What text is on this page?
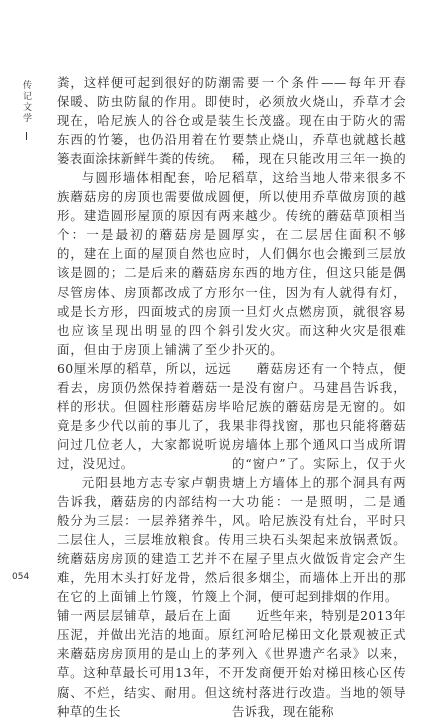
传记文学 粪，这样便可起到很好的防潮保暖、防虫防鼠的作用。即使现在，哈尼族人的谷仓或是装东西的竹篓，也仍沿用着在竹篓表面涂抹新鲜牛粪的传统。

与圆形墙体相配套，哈尼族蘑菇房的房顶也需要做成圆形。建造圆形屋顶的原因有两个：一是最初的蘑菇房是圆的，建在上面的屋顶自然也应该是圆的；二是后来的蘑菇房尽管房体、房顶都改成了方形或是长方形，四面坡式的房顶也应该呈现出明显的四个斜面，但由于房顶上铺满了至少60厘米厚的稻草，所以，远远看去，房顶仍然保持着蘑菇一样的形状。但圆柱形蘑菇房毕竟是多少代以前的事儿了，我问过几位老人，大家都说听说过，没见过。

元阳县地方志专家卢朝贵告诉我，蘑菇房的内部结构一般分为三层：一层养猪养牛，二层住人，三层堆放粮食。传统蘑菇房房顶的建造工艺并不难，先用木头打好龙骨，然后在它的上面铺上竹篾，竹篾上铺一两层层铺草，最后在上面压泥，并做出光洁的地面。原来蘑菇房房顶用的是山上的茅草。这种草最长可用13年，不腐、不烂，结实、耐用。但这种草的生长

需要一个条件——每年开春时，必须放火烧山，乔草才会生长茂盛。现在由于防火的需要禁止烧山，乔草也就越长越稀，现在只能改用三年一换的稻草，这给当地人带来很多不便，所以使用乔草做房顶的越来越少。传统的蘑菇草顶相当厚实，在二层居住面积不够时，人们偶尔也会搬到三层放东西的地方住，但这只能是偶尔一住，因为有人就得有灯，一旦灯火点燃房顶，就很容易引发火灾。而这种火灾是很难扑灭的。

蘑菇房还有一个特点，便是没有窗户。马建昌告诉我，哈尼族的蘑菇房是无窗的。如果非得找窗，那也只能将蘑菇房墙体上那个通风口当成所谓的“窗户”了。实际上，仅于火塘上方墙体上的那个洞具有两大功能：一是照明，二是通风。哈尼族没有灶台，平时只用三块石头架起来放锅煮饭。在屋子里点火做饭肯定会产生很多烟尘，而墙体上开出的那个洞，便可起到排烟的作用。

近些年来，特别是2013年红河哈尼梯田文化景观被正式列入《世界遗产名录》以来，开发商便开始对梯田核心区传统村落进行改造。当地的领导告诉我，现在能称

054
